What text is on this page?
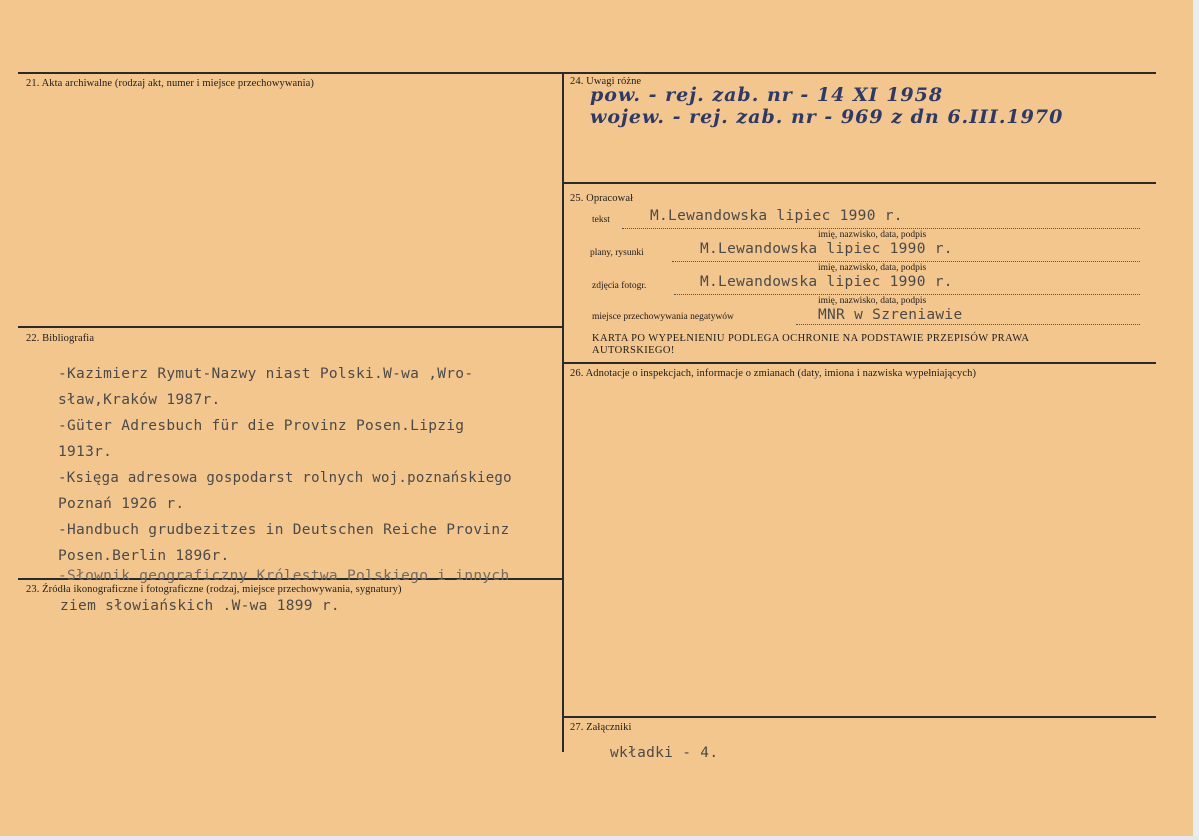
21. Akta archiwalne (rodzaj akt, numer i miejsce przechowywania)
22. Bibliografia
-Kazimierz Rymut-Nazwy niast Polski.W-wa ,Wro-
sław,Kraków 1987r.
-Güter Adresbuch für die Provinz Posen.Lipzig
1913r.
-Księga adresowa gospodarst rolnych woj.poznańskiego
Poznań 1926 r.
-Handbuch grudbezitzes in Deutschen Reiche Provinz
Posen.Berlin 1896r.
-Słownik geograficzny Królestwa Polskiego i innych
23. Źródła ikonograficzne i fotograficzne (rodzaj, miejsce przechowywania, sygnatury)
ziem słowiańskich .W-wa 1899 r.
24. Uwagi różne
pow. - rej. zab. nr - 14 XI 1958
wojew. - rej. zab. nr - 969 z dn 6.III.1970
25. Opracował
tekst	M.Lewandowska lipiec 1990 r.
imię, nazwisko, data, podpis
plany, rysunki	M.Lewandowska lipiec 1990 r.
imię, nazwisko, data, podpis
zdjęcia fotogr.	M.Lewandowska lipiec 1990 r.
imię, nazwisko, data, podpis
miejsce przechowywania negatywów	MNR w Szreniawie
KARTA PO WYPEŁNIENIU PODLEGA OCHRONIE NA PODSTAWIE PRZEPISÓW PRAWA
AUTORSKIEGO!
26. Adnotacje o inspekcjach, informacje o zmianach (daty, imiona i nazwiska wypełniających)
27. Załączniki
wkładki - 4.
